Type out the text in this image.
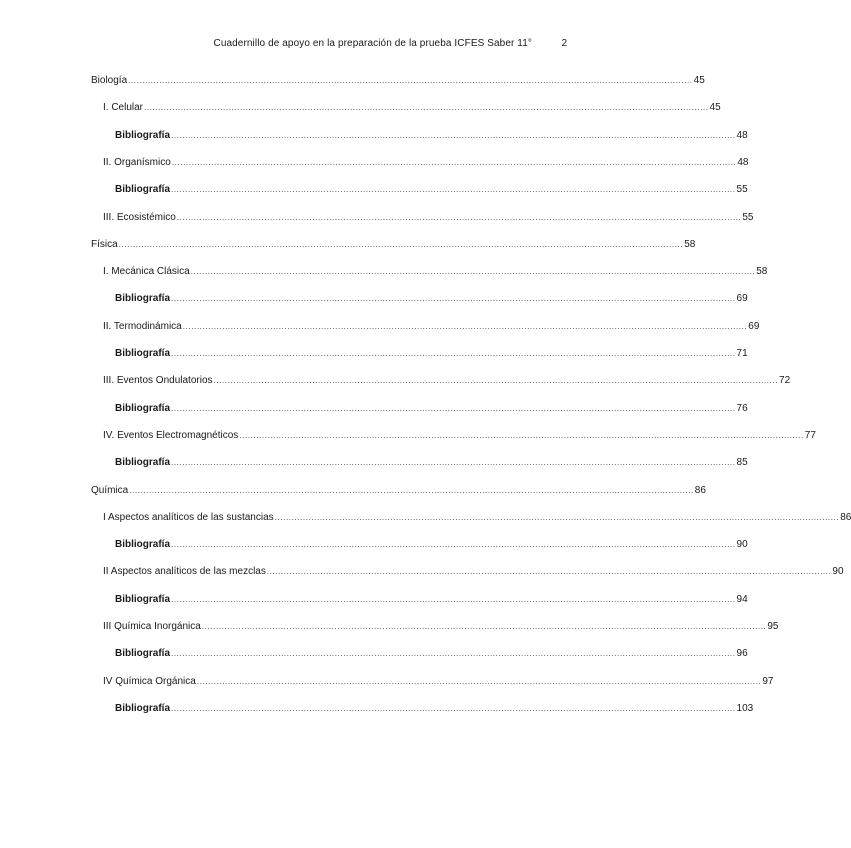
Cuadernillo de apoyo en la preparación de la prueba ICFES Saber 11°	2
Biología ........................................................................................................................................................................................................ 45
I. Celular ........................................................................................................................................................................................................ 45
Bibliografía ........................................................................................................................................................................................................ 48
II. Organísmico ........................................................................................................................................................................................................ 48
Bibliografía ........................................................................................................................................................................................................ 55
III. Ecosistémico ........................................................................................................................................................................................................ 55
Física ........................................................................................................................................................................................................ 58
I. Mecánica Clásica ........................................................................................................................................................................................................ 58
Bibliografía ........................................................................................................................................................................................................ 69
II. Termodinámica ........................................................................................................................................................................................................ 69
Bibliografía ........................................................................................................................................................................................................ 71
III. Eventos Ondulatorios ........................................................................................................................................................................................................ 72
Bibliografía ........................................................................................................................................................................................................ 76
IV. Eventos Electromagnéticos ........................................................................................................................................................................................................ 77
Bibliografía ........................................................................................................................................................................................................ 85
Química ........................................................................................................................................................................................................ 86
I Aspectos analíticos de las sustancias ........................................................................................................................................................................................................ 86
Bibliografía ........................................................................................................................................................................................................ 90
II Aspectos analíticos de las mezclas ........................................................................................................................................................................................................ 90
Bibliografía ........................................................................................................................................................................................................ 94
III Química Inorgánica ........................................................................................................................................................................................................ 95
Bibliografía ........................................................................................................................................................................................................ 96
IV Química Orgánica ........................................................................................................................................................................................................ 97
Bibliografía ........................................................................................................................................................................................................ 103
